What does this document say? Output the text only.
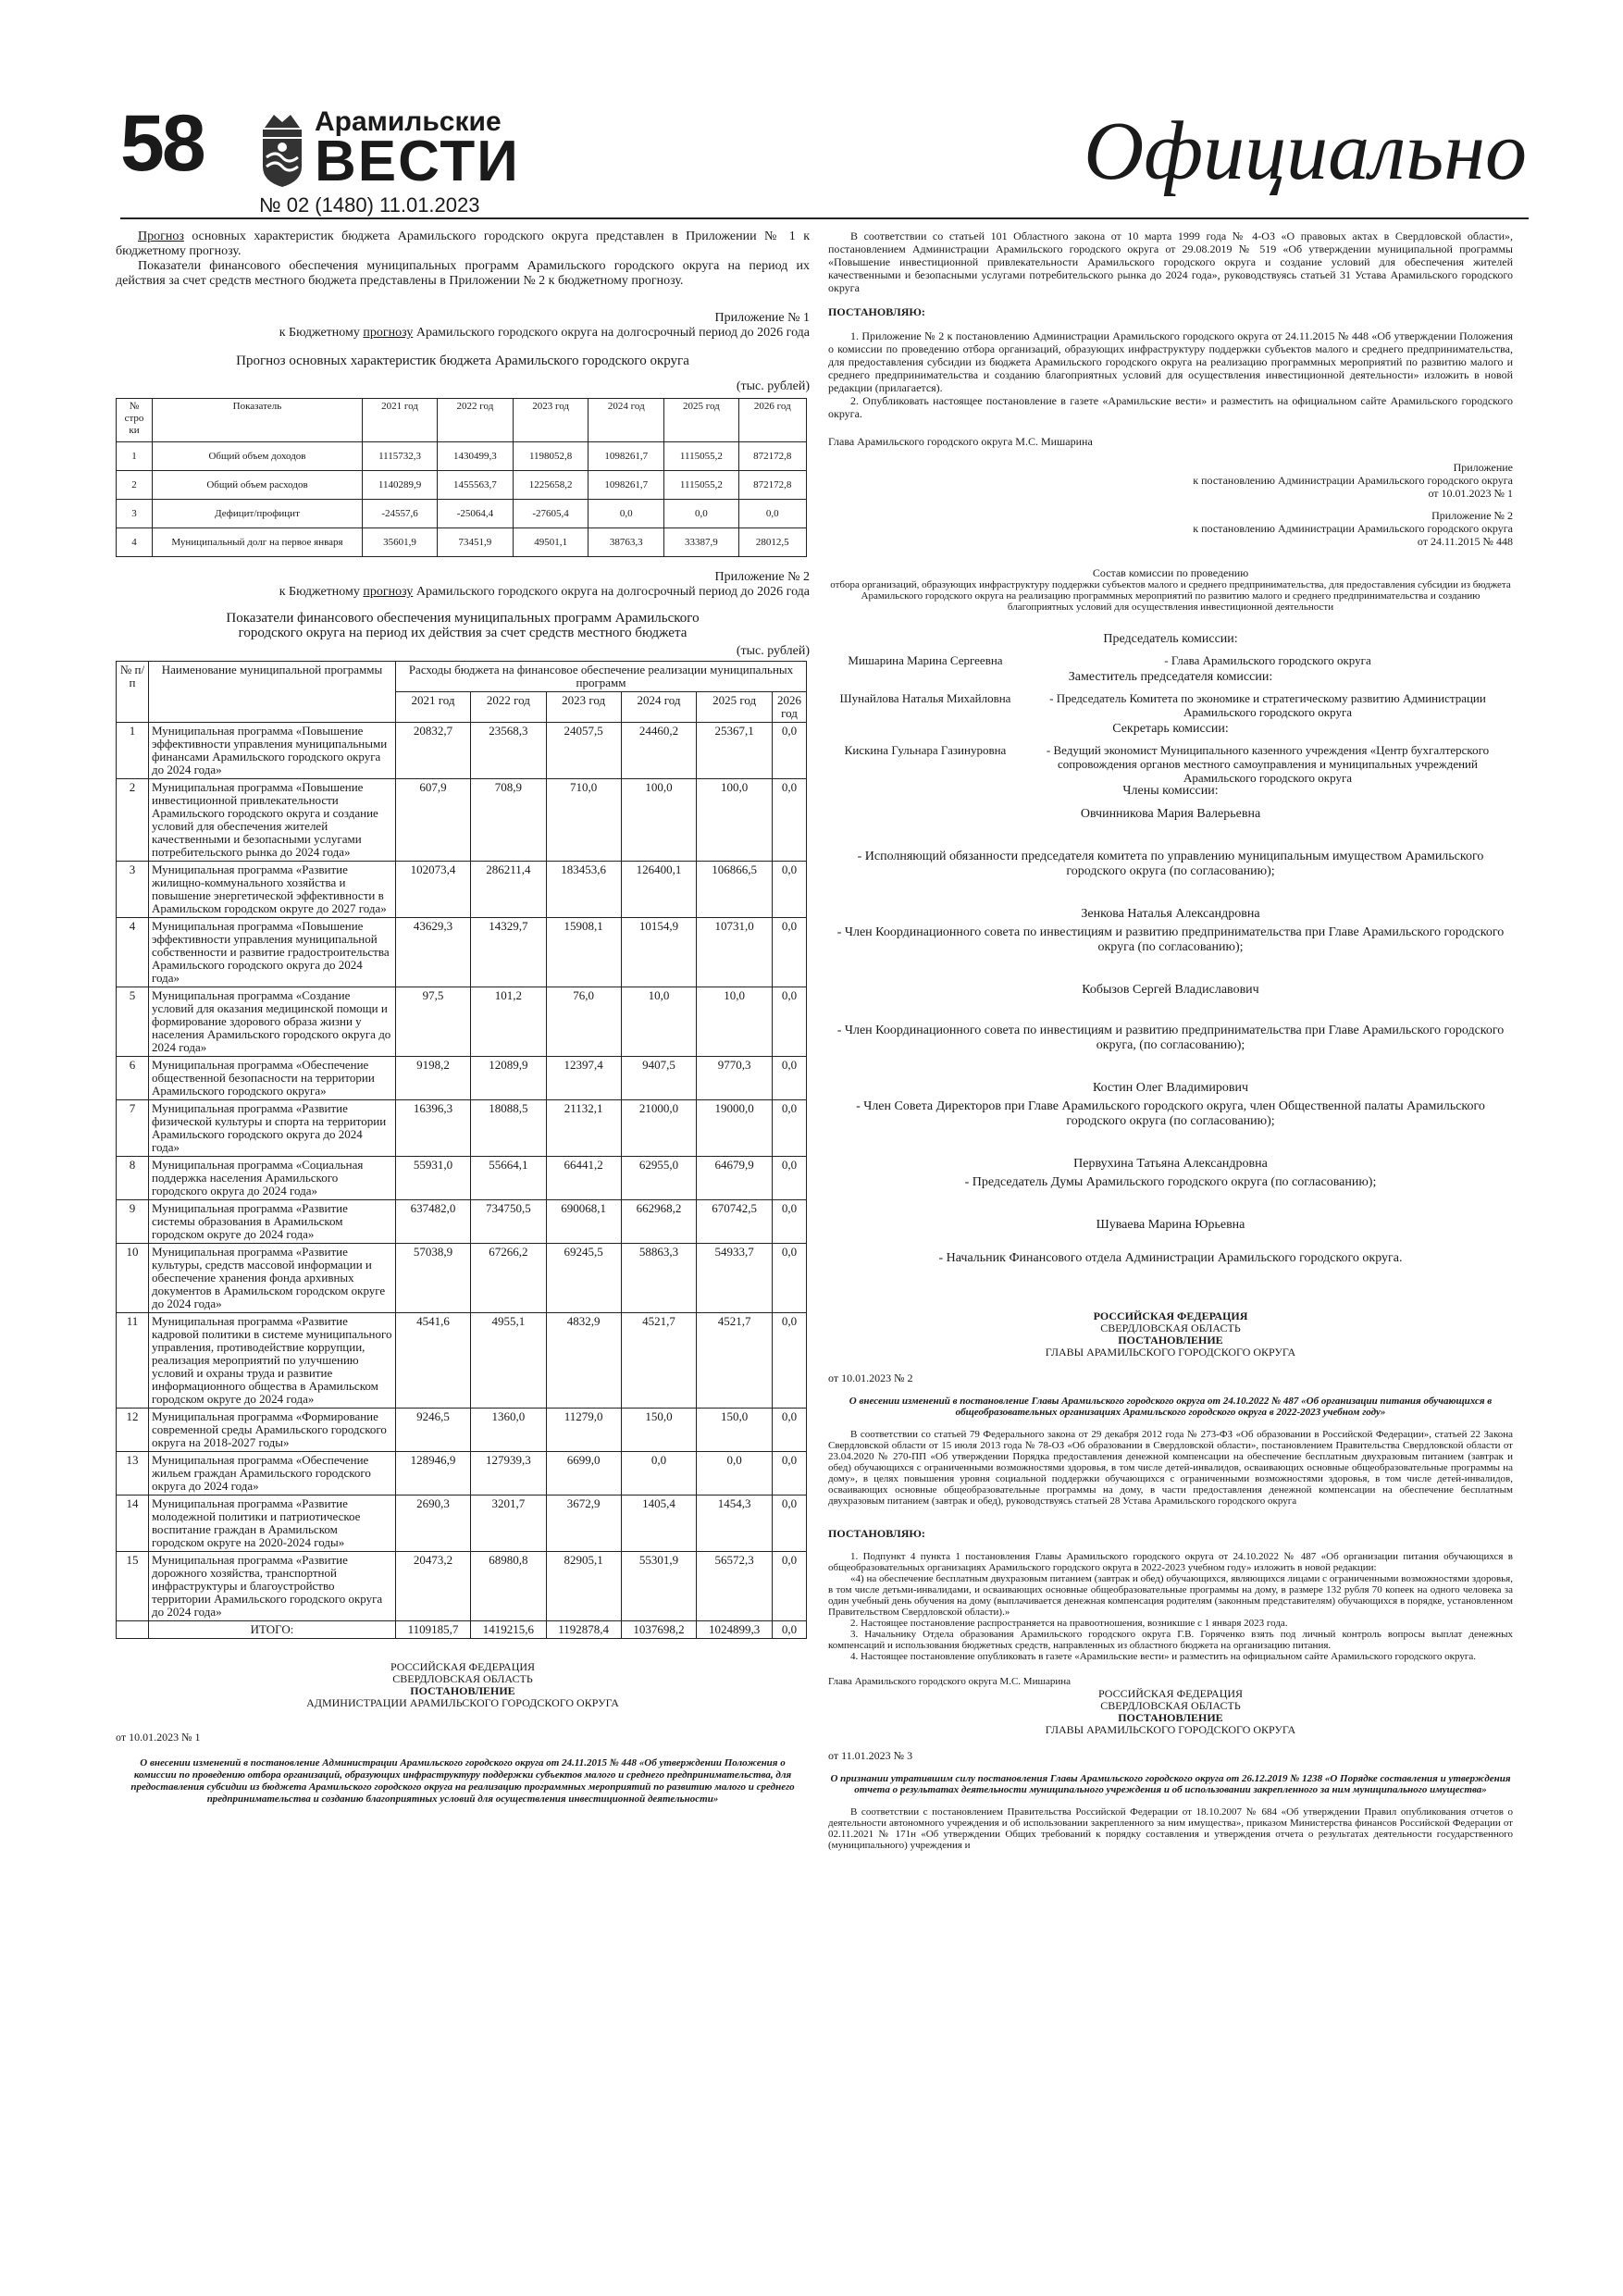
58	Арамильские
ВЕСТИ
№ 02 (1480) 11.01.2023
Официально

Прогноз основных характеристик бюджета Арамильского городского округа представлен в Приложении № 1 к бюджетному прогнозу.

Показатели финансового обеспечения муниципальных программ Арамильского городского округа на период их действия за счет средств местного бюджета представлены в Приложении № 2 к бюджетному прогнозу.

Приложение № 1

к Бюджетному прогнозу Арамильского городского округа на долгосрочный период до 2026 года

Прогноз основных характеристик бюджета Арамильского городского округа

(тыс. рублей)

№ стро ки	Показатель	2021 год	2022 год	2023 год	2024 год	2025 год	2026 год
1	Общий объем доходов	1115732,3	1430499,3	1198052,8	1098261,7	1115055,2	872172,8
2	Общий объем расходов	1140289,9	1455563,7	1225658,2	1098261,7	1115055,2	872172,8
3	Дефицит/профицит	-24557,6	-25064,4	-27605,4	0,0	0,0	0,0
4	Муниципальный долг на первое января	35601,9	73451,9	49501,1	38763,3	33387,9	28012,5

Приложение № 2

к Бюджетному прогнозу Арамильского городского округа на долгосрочный период до 2026 года

Показатели финансового обеспечения муниципальных программ Арамильского городского округа на период их действия за счет средств местного бюджета

(тыс. рублей)

№ п/п	Наименование муниципальной программы	Расходы бюджета на финансовое обеспечение реализации муниципальных программ					
		2021 год	2022 год	2023 год	2024 год	2025 год	2026 год
1	Муниципальная программа «Повышение эффективности управления муниципальными финансами Арамильского городского округа до 2024 года»	20832,7	23568,3	24057,5	24460,2	25367,1	0,0
2	Муниципальная программа «Повышение инвестиционной привлекательности Арамильского городского округа и создание условий для обеспечения жителей качественными и безопасными услугами потребительского рынка до 2024 года»	607,9	708,9	710,0	100,0	100,0	0,0
3	Муниципальная программа «Развитие жилищно-коммунального хозяйства и повышение энергетической эффективности в Арамильском городском округе до 2027 года»	102073,4	286211,4	183453,6	126400,1	106866,5	0,0
4	Муниципальная программа «Повышение эффективности управления муниципальной собственности и развитие градостроительства Арамильского городского округа до 2024 года»	43629,3	14329,7	15908,1	10154,9	10731,0	0,0
5	Муниципальная программа «Создание условий для оказания медицинской помощи и формирование здорового образа жизни у населения Арамильского городского округа до 2024 года»	97,5	101,2	76,0	10,0	10,0	0,0
6	Муниципальная программа «Обеспечение общественной безопасности на территории Арамильского городского округа»	9198,2	12089,9	12397,4	9407,5	9770,3	0,0
7	Муниципальная программа «Развитие физической культуры и спорта на территории Арамильского городского округа до 2024 года»	16396,3	18088,5	21132,1	21000,0	19000,0	0,0
8	Муниципальная программа «Социальная поддержка населения Арамильского городского округа до 2024 года»	55931,0	55664,1	66441,2	62955,0	64679,9	0,0
9	Муниципальная программа «Развитие системы образования в Арамильском городском округе до 2024 года»	637482,0	734750,5	690068,1	662968,2	670742,5	0,0
10	Муниципальная программа «Развитие культуры, средств массовой информации и обеспечение хранения фонда архивных документов в Арамильском городском округе до 2024 года»	57038,9	67266,2	69245,5	58863,3	54933,7	0,0
11	Муниципальная программа «Развитие кадровой политики в системе муниципального управления, противодействие коррупции, реализация мероприятий по улучшению условий и охраны труда и развитие информационного общества в Арамильском городском округе до 2024 года»	4541,6	4955,1	4832,9	4521,7	4521,7	0,0
12	Муниципальная программа «Формирование современной среды Арамильского городского округа на 2018-2027 годы»	9246,5	1360,0	11279,0	150,0	150,0	0,0
13	Муниципальная программа «Обеспечение жильем граждан Арамильского городского округа до 2024 года»	128946,9	127939,3	6699,0	0,0	0,0	0,0
14	Муниципальная программа «Развитие молодежной политики и патриотическое воспитание граждан в Арамильском городском округе на 2020-2024 годы»	2690,3	3201,7	3672,9	1405,4	1454,3	0,0
15	Муниципальная программа «Развитие дорожного хозяйства, транспортной инфраструктуры и благоустройство территории Арамильского городского округа до 2024 года»	20473,2	68980,8	82905,1	55301,9	56572,3	0,0
	ИТОГО:	1109185,7	1419215,6	1192878,4	1037698,2	1024899,3	0,0

РОССИЙСКАЯ ФЕДЕРАЦИЯ

СВЕРДЛОВСКАЯ ОБЛАСТЬ

ПОСТАНОВЛЕНИЕ

АДМИНИСТРАЦИИ АРАМИЛЬСКОГО ГОРОДСКОГО ОКРУГА

от 10.01.2023 № 1

О внесении изменений в постановление Администрации Арамильского городского округа от 24.11.2015 № 448 «Об утверждении Положения о комиссии по проведению отбора организаций, образующих инфраструктуру поддержки субъектов малого и среднего предпринимательства, для предоставления субсидии из бюджета Арамильского городского округа на реализацию программных мероприятий по развитию малого и среднего предпринимательства и созданию благоприятных условий для осуществления инвестиционной деятельности»

В соответствии со статьей 101 Областного закона от 10 марта 1999 года № 4-ОЗ «О правовых актах в Свердловской области», постановлением Администрации Арамильского городского округа от 29.08.2019 № 519 «Об утверждении муниципальной программы «Повышение инвестиционной привлекательности Арамильского городского округа и создание условий для обеспечения жителей качественными и безопасными услугами потребительского рынка до 2024 года», руководствуясь статьей 31 Устава Арамильского городского округа

ПОСТАНОВЛЯЮ:

1. Приложение № 2 к постановлению Администрации Арамильского городского округа от 24.11.2015 № 448 «Об утверждении Положения о комиссии по проведению отбора организаций, образующих инфраструктуру поддержки субъектов малого и среднего предпринимательства, для предоставления субсидии из бюджета Арамильского городского округа на реализацию программных мероприятий по развитию малого и среднего предпринимательства и созданию благоприятных условий для осуществления инвестиционной деятельности» изложить в новой редакции (прилагается).

2. Опубликовать настоящее постановление в газете «Арамильские вести» и разместить на официальном сайте Арамильского городского округа.

Глава Арамильского городского округа М.С. Мишарина

Приложение

к постановлению Администрации Арамильского городского округа

от 10.01.2023 № 1

Приложение № 2

к постановлению Администрации Арамильского городского округа

от 24.11.2015 № 448

Состав комиссии по проведению

отбора организаций, образующих инфраструктуру поддержки субъектов малого и среднего предпринимательства, для предоставления субсидии из бюджета Арамильского городского округа на реализацию программных мероприятий по развитию малого и среднего предпринимательства и созданию благоприятных условий для осуществления инвестиционной деятельности

Председатель комиссии:

Мишарина Марина Сергеевна	- Глава Арамильского городского округа

Заместитель председателя комиссии:

Шунайлова Наталья Михайловна	- Председатель Комитета по экономике и стратегическому развитию Администрации Арамильского городского округа

Секретарь комиссии:

Кискина Гульнара Газинуровна	- Ведущий экономист Муниципального казенного учреждения «Центр бухгалтерского сопровождения органов местного самоуправления и муниципальных учреждений Арамильского городского округа

Члены комиссии:

Овчинникова Мария Валерьевна

- Исполняющий обязанности председателя комитета по управлению муниципальным имуществом Арамильского городского округа (по согласованию);

Зенкова Наталья Александровна

- Член Координационного совета по инвестициям и развитию предпринимательства при Главе Арамильского городского округа (по согласованию);

Кобызов Сергей Владиславович

- Член Координационного совета по инвестициям и развитию предпринимательства при Главе Арамильского городского округа, (по согласованию);

Костин Олег Владимирович

- Член Совета Директоров при Главе Арамильского городского округа, член Общественной палаты Арамильского городского округа (по согласованию);

Первухина Татьяна Александровна

- Председатель Думы Арамильского городского округа (по согласованию);

Шуваева Марина Юрьевна

- Начальник Финансового отдела Администрации Арамильского городского округа.

РОССИЙСКАЯ ФЕДЕРАЦИЯ

СВЕРДЛОВСКАЯ ОБЛАСТЬ

ПОСТАНОВЛЕНИЕ

ГЛАВЫ АРАМИЛЬСКОГО ГОРОДСКОГО ОКРУГА

от 10.01.2023 № 2

О внесении изменений в постановление Главы Арамильского городского округа от 24.10.2022 № 487 «Об организации питания обучающихся в общеобразовательных организациях Арамильского городского округа в 2022-2023 учебном году»

В соответствии со статьей 79 Федерального закона от 29 декабря 2012 года № 273-ФЗ «Об образовании в Российской Федерации», статьей 22 Закона Свердловской области от 15 июля 2013 года № 78-ОЗ «Об образовании в Свердловской области», постановлением Правительства Свердловской области от 23.04.2020 № 270-ПП «Об утверждении Порядка предоставления денежной компенсации на обеспечение бесплатным двухразовым питанием (завтрак и обед) обучающихся с ограниченными возможностями здоровья, в том числе детей-инвалидов, осваивающих основные общеобразовательные программы на дому», в целях повышения уровня социальной поддержки обучающихся с ограниченными возможностями здоровья, в том числе детей-инвалидов, осваивающих основные общеобразовательные программы на дому, в части предоставления денежной компенсации на обеспечение бесплатным двухразовым питанием (завтрак и обед), руководствуясь статьей 28 Устава Арамильского городского округа

ПОСТАНОВЛЯЮ:

1. Подпункт 4 пункта 1 постановления Главы Арамильского городского округа от 24.10.2022 № 487 «Об организации питания обучающихся в общеобразовательных организациях Арамильского городского округа в 2022-2023 учебном году» изложить в новой редакции:

«4) на обеспечение бесплатным двухразовым питанием (завтрак и обед) обучающихся, являющихся лицами с ограниченными возможностями здоровья, в том числе детьми-инвалидами, и осваивающих основные общеобразовательные программы на дому, в размере 132 рубля 70 копеек на одного человека за один учебный день обучения на дому (выплачивается денежная компенсация родителям (законным представителям) обучающихся в порядке, установленном Правительством Свердловской области).»

2. Настоящее постановление распространяется на правоотношения, возникшие с 1 января 2023 года.

3. Начальнику Отдела образования Арамильского городского округа Г.В. Горяченко взять под личный контроль вопросы выплат денежных компенсаций и использования бюджетных средств, направленных из областного бюджета на организацию питания.

4. Настоящее постановление опубликовать в газете «Арамильские вести» и разместить на официальном сайте Арамильского городского округа.

Глава Арамильского городского округа М.С. Мишарина

РОССИЙСКАЯ ФЕДЕРАЦИЯ

СВЕРДЛОВСКАЯ ОБЛАСТЬ

ПОСТАНОВЛЕНИЕ

ГЛАВЫ АРАМИЛЬСКОГО ГОРОДСКОГО ОКРУГА

от 11.01.2023 № 3

О признании утратившим силу постановления Главы Арамильского городского округа от 26.12.2019 № 1238 «О Порядке составления и утверждения отчета о результатах деятельности муниципального учреждения и об использовании закрепленного за ним муниципального имущества»

В соответствии с постановлением Правительства Российской Федерации от 18.10.2007 № 684 «Об утверждении Правил опубликования отчетов о деятельности автономного учреждения и об использовании закрепленного за ним имущества», приказом Министерства финансов Российской Федерации от 02.11.2021 № 171н «Об утверждении Общих требований к порядку составления и утверждения отчета о результатах деятельности государственного (муниципального) учреждения и
